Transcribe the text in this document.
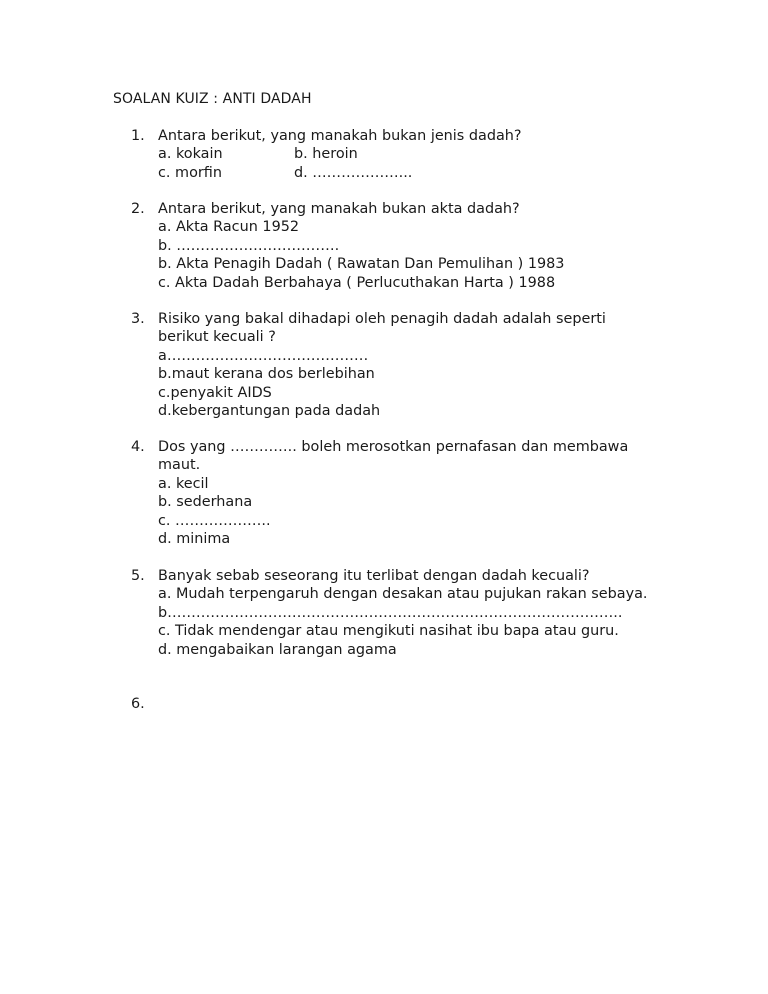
SOALAN KUIZ : ANTI DADAH
1. Antara berikut, yang manakah bukan jenis dadah?
a. kokain	b. heroin
c. morfin	d. ………………...
2. Antara berikut, yang manakah bukan akta dadah?
a. Akta Racun 1952
b. …………………………….
b. Akta Penagih Dadah ( Rawatan Dan Pemulihan ) 1983
c. Akta Dadah Berbahaya ( Perlucuthakan Harta ) 1988
3. Risiko yang bakal dihadapi oleh penagih dadah adalah seperti berikut kecuali ?
a……………………………………
b.maut kerana dos berlebihan
c.penyakit AIDS
d.kebergantungan pada dadah
4. Dos yang ………….. boleh merosotkan pernafasan dan membawa maut.
a. kecil
b. sederhana
c. ………………..
d. minima
5. Banyak sebab seseorang itu terlibat dengan dadah kecuali?
a. Mudah terpengaruh dengan desakan atau pujukan rakan sebaya.
b…………………………………………………………………………………..
c. Tidak mendengar atau mengikuti nasihat ibu bapa atau guru.
d. mengabaikan larangan agama
6.
